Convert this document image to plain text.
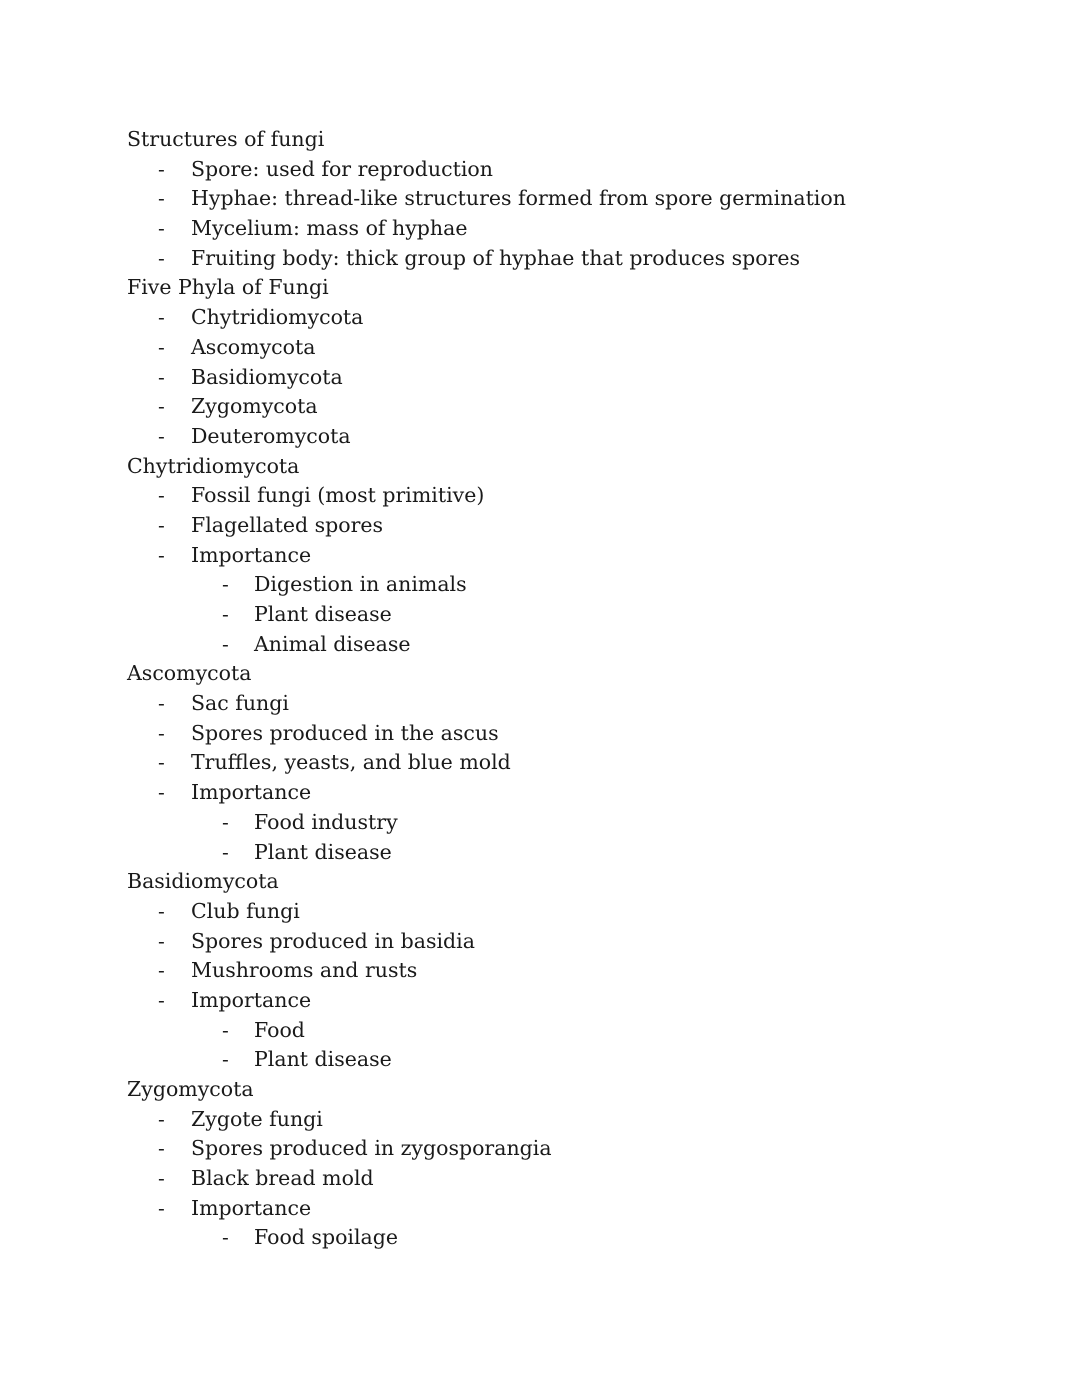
Structures of fungi
- Spore: used for reproduction
- Hyphae: thread-like structures formed from spore germination
- Mycelium: mass of hyphae
- Fruiting body: thick group of hyphae that produces spores
Five Phyla of Fungi
- Chytridiomycota
- Ascomycota
- Basidiomycota
- Zygomycota
- Deuteromycota
Chytridiomycota
- Fossil fungi (most primitive)
- Flagellated spores
- Importance
- Digestion in animals
- Plant disease
- Animal disease
Ascomycota
- Sac fungi
- Spores produced in the ascus
- Truffles, yeasts, and blue mold
- Importance
- Food industry
- Plant disease
Basidiomycota
- Club fungi
- Spores produced in basidia
- Mushrooms and rusts
- Importance
- Food
- Plant disease
Zygomycota
- Zygote fungi
- Spores produced in zygosporangia
- Black bread mold
- Importance
- Food spoilage
